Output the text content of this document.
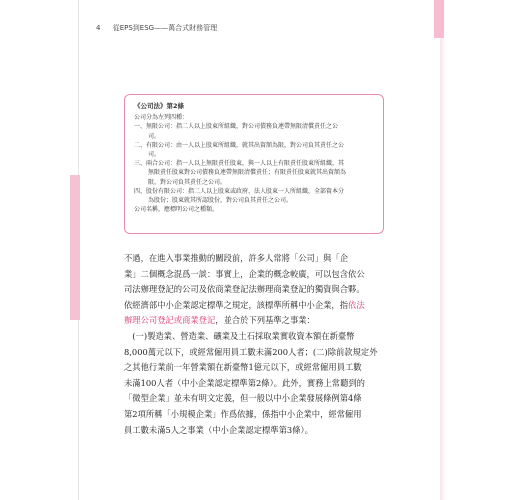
4 從EPS到ESG——萬合式財務管理
《公司法》第2條
公司分為左列四種：
一、無限公司：指二人以上股東所組織，對公司債務負連帶無限清償責任之公
司。
二、有限公司：由一人以上股東所組織，就其出資額為限，對公司負其責任之公
司。
三、兩合公司：指一人以上無限責任股東，與一人以上有限責任股東所組織，其
無限責任股東對公司債務負連帶無限清償責任；有限責任股東就其出資額為
限，對公司負其責任之公司。
四、股份有限公司：指二人以上股東或政府、法人股東一人所組織，全部資本分
為股份；股東就其所認股份，對公司負其責任之公司。
公司名稱，應標明公司之種類。
不過，在進入事業推動的關段前，許多人常將「公司」與「企
業」二個概念混爲一談：事實上，企業的概念較廣，可以包含依公
司法辦理登記的公司及依商業登記法辦理商業登記的獨資與合夥。
依經濟部中小企業認定標準之規定，該標準所稱中小企業，指依法
辦理公司登記或商業登記，並合於下列基準之事業：
　(一)製造業、營造業、礦業及土石採取業實收資本額在新臺幣
8,000萬元以下，或經常僱用員工數未滿200人者；(二)除前款規定外
之其他行業前一年營業額在新臺幣1億元以下，或經常僱用員工數
未滿100人者（中小企業認定標準第2條）。此外，實務上常聽到的
「微型企業」並未有明文定義，但一般以中小企業發展條例第4條
第2項所稱「小規模企業」作爲依據，係指中小企業中，經常僱用
員工數未滿5人之事業（中小企業認定標準第3條）。
